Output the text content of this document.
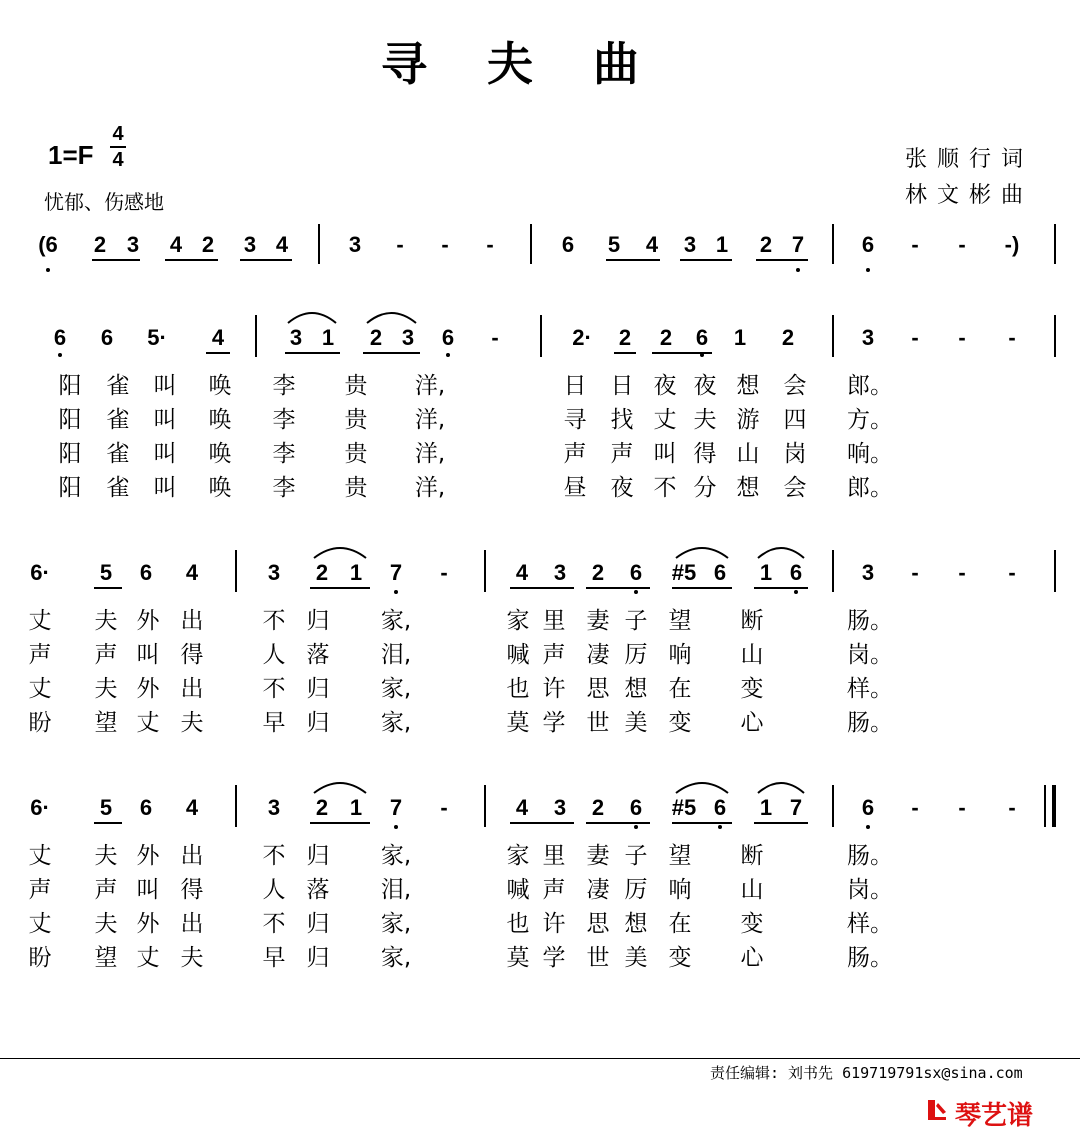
寻夫曲
1=F
4
4
忧郁、伤感地
张顺行词
林文彬曲
(6 2 3 4 2 3 4	3 - - -	6 5 4 3 1 2 7	6 - - -)
6 6 5· 4	3 1 2 3 6 -	2· 2 2 6 1 2	3 - - -
阳 雀 叫 唤 李 贵 洋,	日 日 夜 夜 想 会 郎。
阳 雀 叫 唤 李 贵 洋,	寻 找 丈 夫 游 四 方。
阳 雀 叫 唤 李 贵 洋,	声 声 叫 得 山 岗 响。
阳 雀 叫 唤 李 贵 洋,	昼 夜 不 分 想 会 郎。
6· 5 6 4	3 2 1 7 -	4 3 2 6 #5 6 1 6	3 - - -
丈 夫 外 出	不 归 家,	家 里 妻 子 望 断	肠。
声 声 叫 得	人 落 泪,	喊 声 凄 厉 响 山	岗。
丈 夫 外 出	不 归 家,	也 许 思 想 在 变	样。
盼 望 丈 夫	早 归 家,	莫 学 世 美 变 心	肠。
6· 5 6 4	3 2 1 7 -	4 3 2 6 #5 6 1 7	6 - - -
丈 夫 外 出	不 归 家,	家 里 妻 子 望 断	肠。
声 声 叫 得	人 落 泪,	喊 声 凄 厉 响 山	岗。
丈 夫 外 出	不 归 家,	也 许 思 想 在 变	样。
盼 望 丈 夫	早 归 家,	莫 学 世 美 变 心	肠。
责任编辑: 刘书先 619719791sx@sina.com
琴艺谱
